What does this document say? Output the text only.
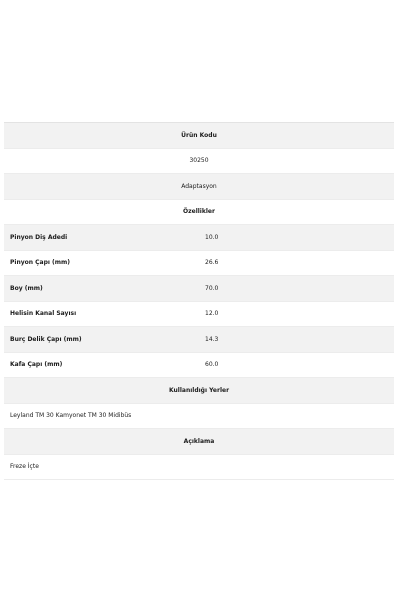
Ürün Kodu	
30250	
Adaptasyon	
Özellikler	
Pinyon Diş Adedi	10.0
Pinyon Çapı (mm)	26.6
Boy (mm)	70.0
Helisin Kanal Sayısı	12.0
Burç Delik Çapı (mm)	14.3
Kafa Çapı (mm)	60.0
Kullanıldığı Yerler	
Leyland TM 30 Kamyonet TM 30 Midibüs	
Açıklama	
Freze İçte	
